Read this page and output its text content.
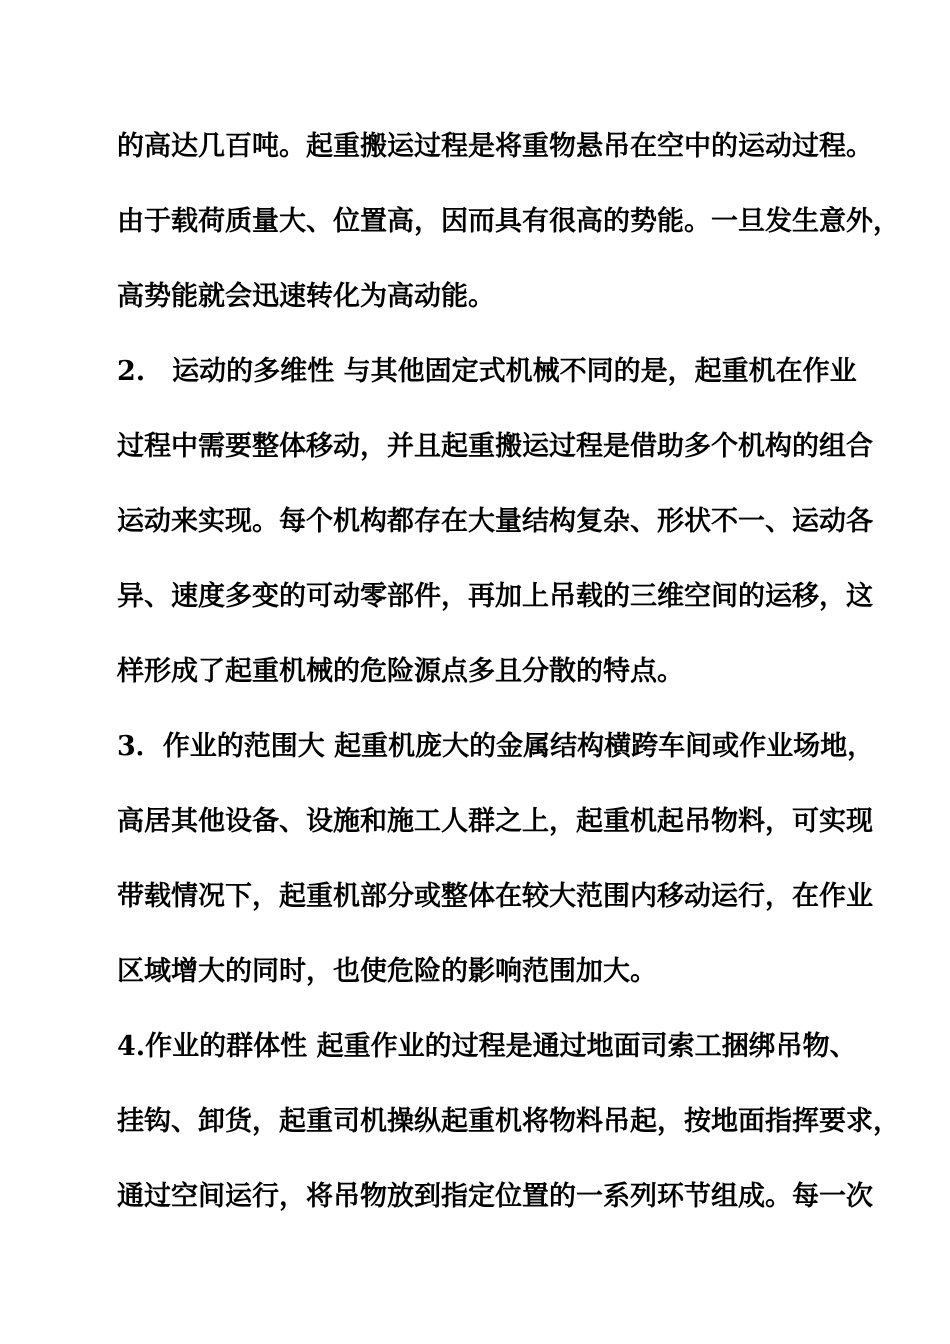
的高达几百吨。起重搬运过程是将重物悬吊在空中的运动过程。
由于载荷质量大、位置高，因而具有很高的势能。一旦发生意外，
高势能就会迅速转化为高动能。
2.　运动的多维性 与其他固定式机械不同的是，起重机在作业
过程中需要整体移动，并且起重搬运过程是借助多个机构的组合
运动来实现。每个机构都存在大量结构复杂、形状不一、运动各
异、速度多变的可动零部件，再加上吊载的三维空间的运移，这
样形成了起重机械的危险源点多且分散的特点。
3．作业的范围大 起重机庞大的金属结构横跨车间或作业场地，
高居其他设备、设施和施工人群之上，起重机起吊物料，可实现
带载情况下，起重机部分或整体在较大范围内移动运行，在作业
区域增大的同时，也使危险的影响范围加大。
4.作业的群体性 起重作业的过程是通过地面司索工捆绑吊物、
挂钩、卸货，起重司机操纵起重机将物料吊起，按地面指挥要求，
通过空间运行，将吊物放到指定位置的一系列环节组成。每一次
